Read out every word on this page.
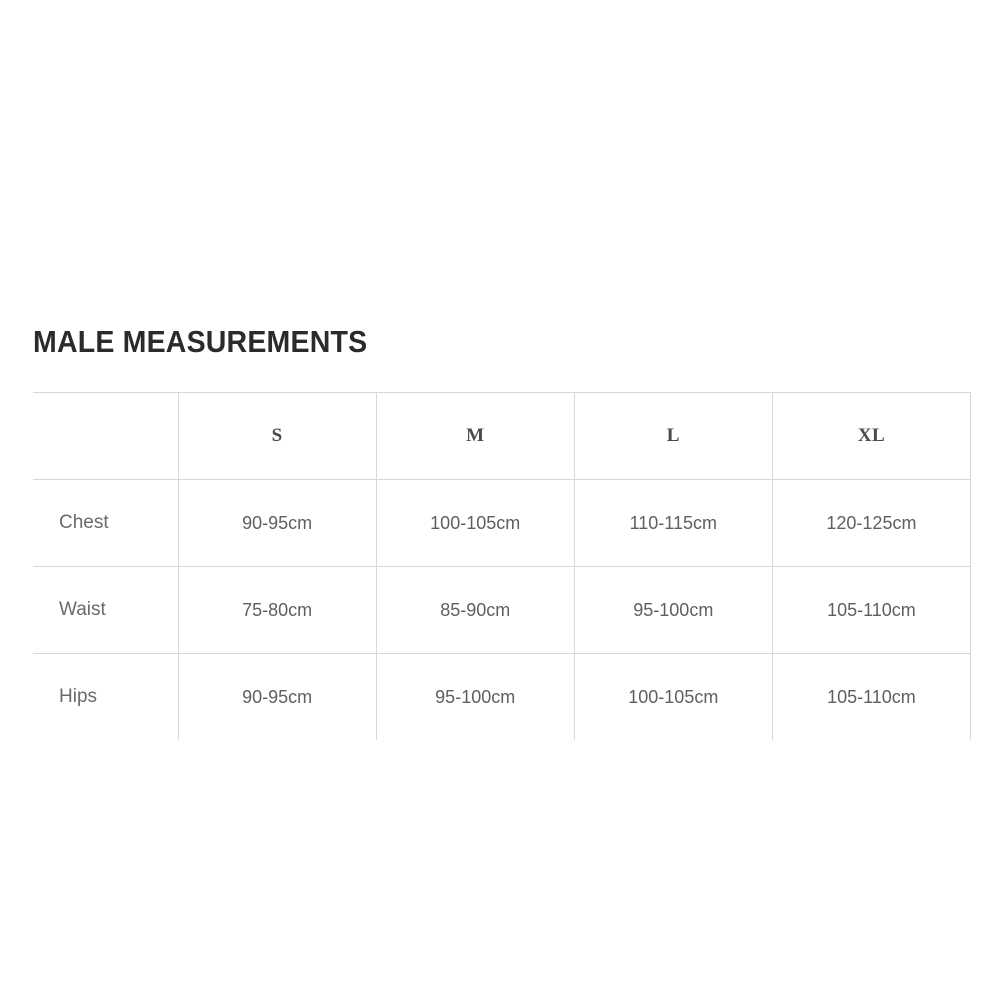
MALE MEASUREMENTS
	S	M	L	XL
Chest	90-95cm	100-105cm	110-115cm	120-125cm
Waist	75-80cm	85-90cm	95-100cm	105-110cm
Hips	90-95cm	95-100cm	100-105cm	105-110cm
